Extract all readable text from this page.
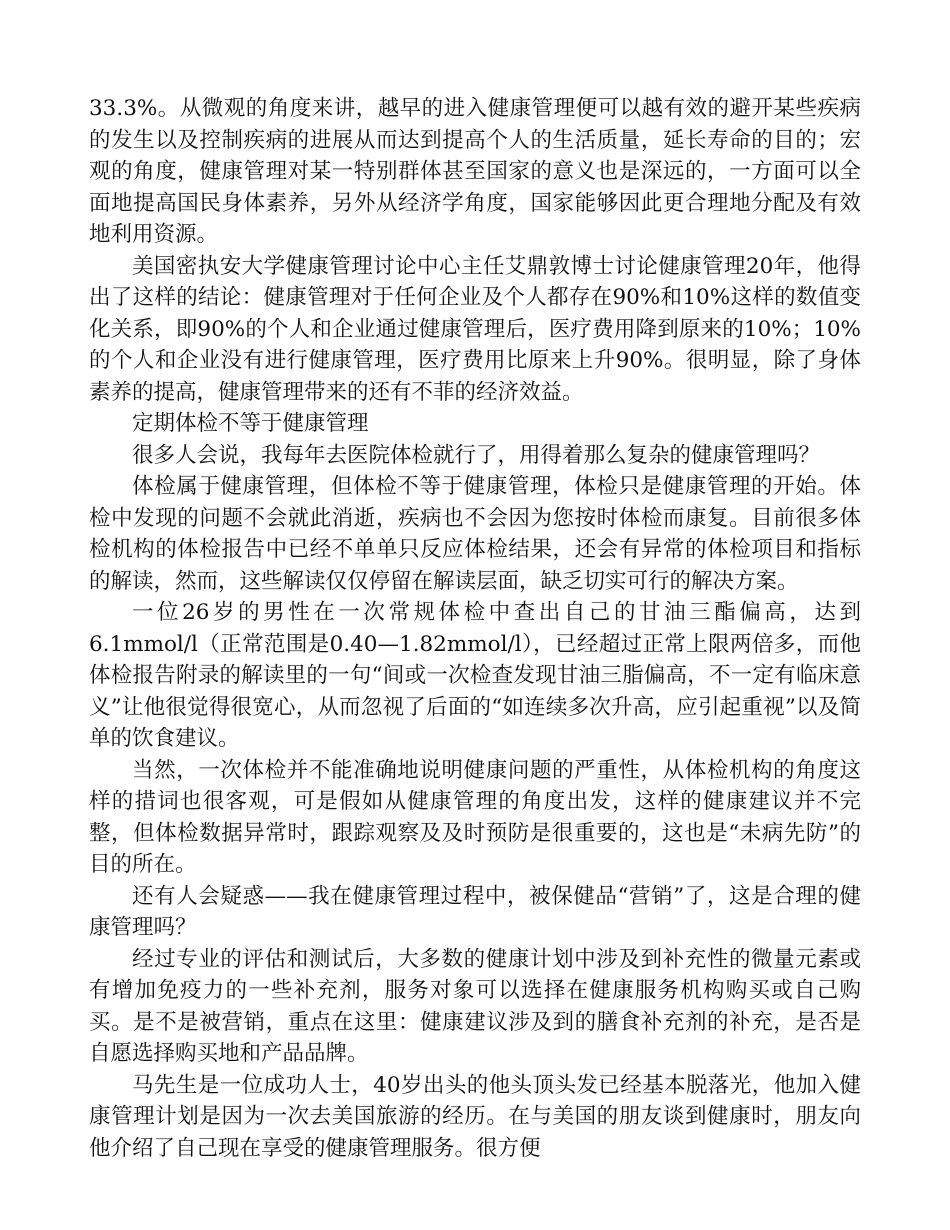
33.3%。从微观的角度来讲，越早的进入健康管理便可以越有效的避开某些疾病的发生以及控制疾病的进展从而达到提高个人的生活质量，延长寿命的目的；宏观的角度，健康管理对某一特别群体甚至国家的意义也是深远的，一方面可以全面地提高国民身体素养，另外从经济学角度，国家能够因此更合理地分配及有效地利用资源。

美国密执安大学健康管理讨论中心主任艾鼎敦博士讨论健康管理20年，他得出了这样的结论：健康管理对于任何企业及个人都存在90%和10%这样的数值变化关系，即90%的个人和企业通过健康管理后，医疗费用降到原来的10%；10%的个人和企业没有进行健康管理，医疗费用比原来上升90%。很明显，除了身体素养的提高，健康管理带来的还有不菲的经济效益。

定期体检不等于健康管理

很多人会说，我每年去医院体检就行了，用得着那么复杂的健康管理吗？

体检属于健康管理，但体检不等于健康管理，体检只是健康管理的开始。体检中发现的问题不会就此消逝，疾病也不会因为您按时体检而康复。目前很多体检机构的体检报告中已经不单单只反应体检结果，还会有异常的体检项目和指标的解读，然而，这些解读仅仅停留在解读层面，缺乏切实可行的解决方案。

一位26岁的男性在一次常规体检中查出自己的甘油三酯偏高，达到6.1mmol/l（正常范围是0.40—1.82mmol/l），已经超过正常上限两倍多，而他体检报告附录的解读里的一句“间或一次检查发现甘油三脂偏高，不一定有临床意义”让他很觉得很宽心，从而忽视了后面的“如连续多次升高，应引起重视”以及简单的饮食建议。

当然，一次体检并不能准确地说明健康问题的严重性，从体检机构的角度这样的措词也很客观，可是假如从健康管理的角度出发，这样的健康建议并不完整，但体检数据异常时，跟踪观察及及时预防是很重要的，这也是“未病先防”的目的所在。

还有人会疑惑——我在健康管理过程中，被保健品“营销”了，这是合理的健康管理吗？

经过专业的评估和测试后，大多数的健康计划中涉及到补充性的微量元素或有增加免疫力的一些补充剂，服务对象可以选择在健康服务机构购买或自己购买。是不是被营销，重点在这里：健康建议涉及到的膳食补充剂的补充，是否是自愿选择购买地和产品品牌。

马先生是一位成功人士，40岁出头的他头顶头发已经基本脱落光，他加入健康管理计划是因为一次去美国旅游的经历。在与美国的朋友谈到健康时，朋友向他介绍了自己现在享受的健康管理服务。很方便
